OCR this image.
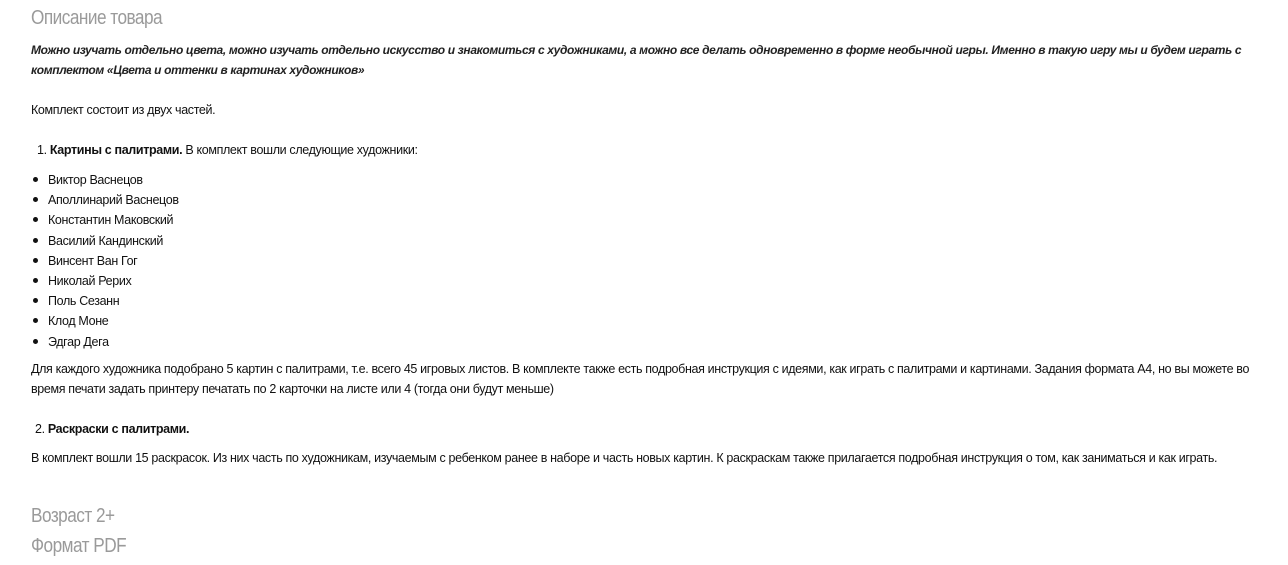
Описание товара
Можно изучать отдельно цвета, можно изучать отдельно искусство и знакомиться с художниками, а можно все делать одновременно в форме необычной игры. Именно в такую игру мы и будем играть с комплектом «Цвета и оттенки в картинах художников»
Комплект состоит из двух частей.
1. Картины с палитрами. В комплект вошли следующие художники:
Виктор Васнецов
Аполлинарий Васнецов
Константин Маковский
Василий Кандинский
Винсент Ван Гог
Николай Рерих
Поль Сезанн
Клод Моне
Эдгар Дега
Для каждого художника подобрано 5 картин с палитрами, т.е. всего 45 игровых листов. В комплекте также есть подробная инструкция с идеями, как играть с палитрами и картинами. Задания формата А4, но вы можете во время печати задать принтеру печатать по 2 карточки на листе или 4 (тогда они будут меньше)
2. Раскраски с палитрами.
В комплект вошли 15 раскрасок. Из них часть по художникам, изучаемым с ребенком ранее в наборе и часть новых картин. К раскраскам также прилагается подробная инструкция о том, как заниматься и как играть.
Возраст 2+
Формат PDF
